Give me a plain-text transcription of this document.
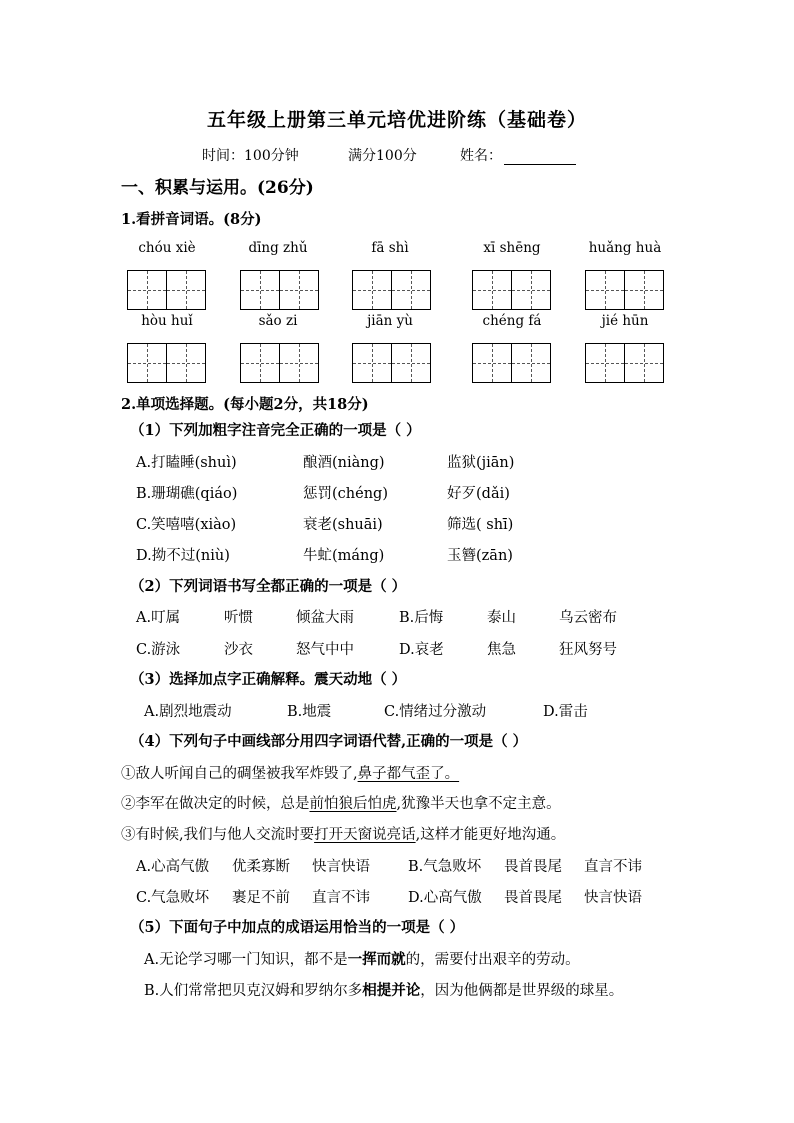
五年级上册第三单元培优进阶练（基础卷）
时间：100分钟	满分100分	姓名：
一、积累与运用。(26分)
1.看拼音词语。(8分)
chóu xiè	dīng zhǔ	fā shì	xī shēng	huǎng huà
hòu huǐ	sǎo zi	jiān yù	chéng fá	jié hūn
2.单项选择题。(每小题2分，共18分)
（1）下列加粗字注音完全正确的一项是（ ）
A.打瞌睡(shuì)	酿酒(niàng)	监狱(jiān)
B.珊瑚礁(qiáo)	惩罚(chéng)	好歹(dǎi)
C.笑嘻嘻(xiào)	衰老(shuāi)	筛选( shī)
D.拗不过(niù)	牛虻(máng)	玉簪(zān)
（2）下列词语书写全都正确的一项是（ ）
A.叮属	听惯	倾盆大雨	B.后悔	泰山	乌云密布
C.游泳	沙衣	怒气中中	D.哀老	焦急	狂风努号
（3）选择加点字正确解释。震天动地（ ）
A.剧烈地震动	B.地震	C.情绪过分激动	D.雷击
（4）下列句子中画线部分用四字词语代替,正确的一项是（ ）
①敌人听闻自己的碉堡被我军炸毁了,鼻子都气歪了。
②李军在做决定的时候，总是前怕狼后怕虎,犹豫半天也拿不定主意。
③有时候,我们与他人交流时要打开天窗说亮话,这样才能更好地沟通。
A.心高气傲 优柔寡断 快言快语	B.气急败坏 畏首畏尾 直言不讳
C.气急败坏 裹足不前 直言不讳	D.心高气傲 畏首畏尾 快言快语
（5）下面句子中加点的成语运用恰当的一项是（ ）
A.无论学习哪一门知识，都不是一挥而就的，需要付出艰辛的劳动。
B.人们常常把贝克汉姆和罗纳尔多相提并论，因为他俩都是世界级的球星。
